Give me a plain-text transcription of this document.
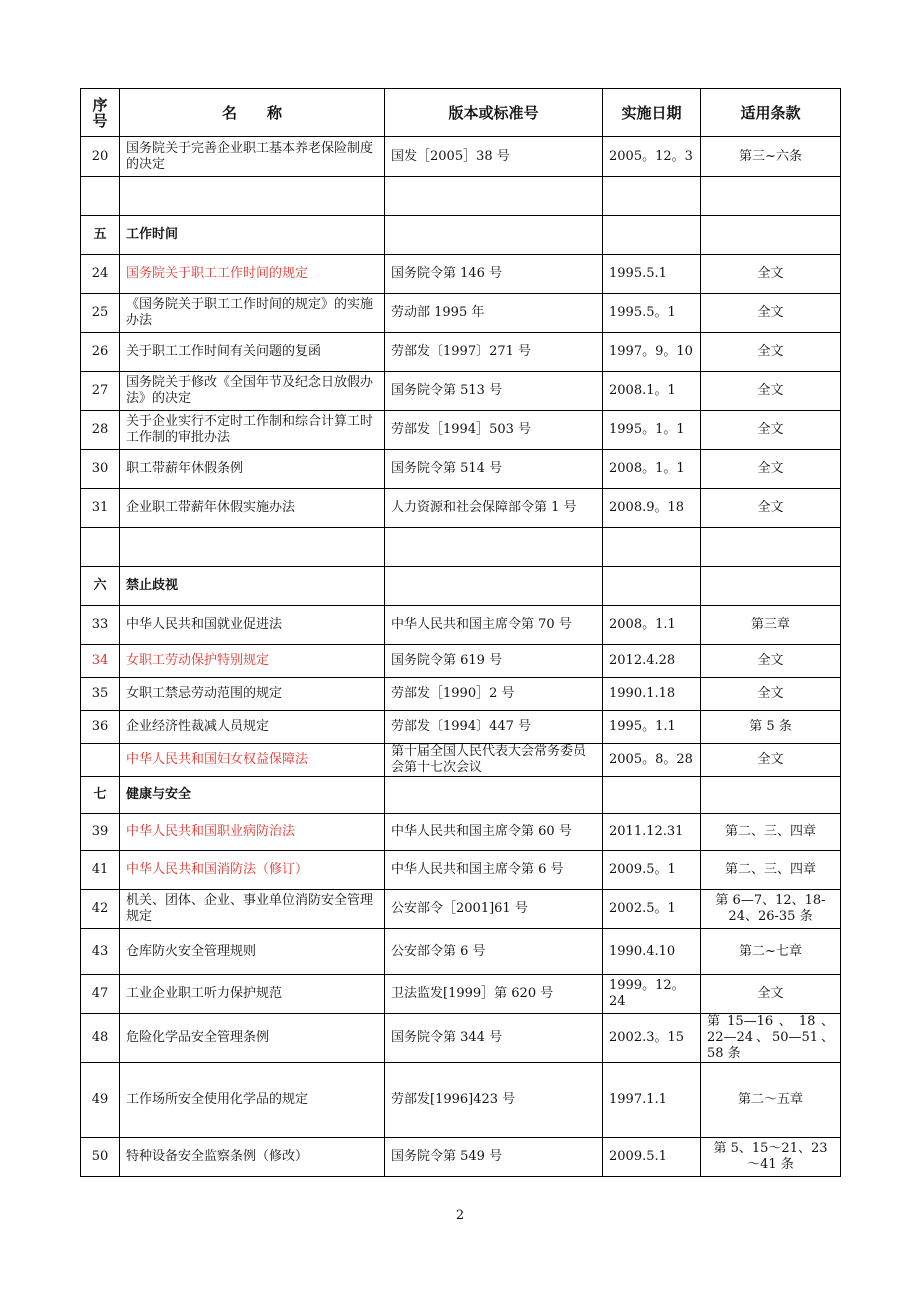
序号	名　　称	版本或标准号	实施日期	适用条款
20	国务院关于完善企业职工基本养老保险制度的决定	国发［2005］38 号	2005。12。3	第三~六条

五	工作时间			
24	国务院关于职工工作时间的规定	国务院令第 146 号	1995.5.1	全文
25	《国务院关于职工工作时间的规定》的实施办法	劳动部 1995 年	1995.5。1	全文
26	关于职工工作时间有关问题的复函	劳部发〔1997〕271 号	1997。9。10	全文
27	国务院关于修改《全国年节及纪念日放假办法》的决定	国务院令第 513 号	2008.1。1	全文
28	关于企业实行不定时工作制和综合计算工时工作制的审批办法	劳部发［1994］503 号	1995。1。1	全文
30	职工带薪年休假条例	国务院令第 514 号	2008。1。1	全文
31	企业职工带薪年休假实施办法	人力资源和社会保障部令第 1 号	2008.9。18	全文

六	禁止歧视			
33	中华人民共和国就业促进法	中华人民共和国主席令第 70 号	2008。1.1	第三章
34	女职工劳动保护特别规定	国务院令第 619 号	2012.4.28	全文
35	女职工禁忌劳动范围的规定	劳部发［1990］2 号	1990.1.18	全文
36	企业经济性裁减人员规定	劳部发〔1994〕447 号	1995。1.1	第 5 条
	中华人民共和国妇女权益保障法	第十届全国人民代表大会常务委员会第十七次会议	2005。8。28	全文
七	健康与安全			
39	中华人民共和国职业病防治法	中华人民共和国主席令第 60 号	2011.12.31	第二、三、四章
41	中华人民共和国消防法（修订）	中华人民共和国主席令第 6 号	2009.5。1	第二、三、四章
42	机关、团体、企业、事业单位消防安全管理规定	公安部令［2001]61 号	2002.5。1	第 6—7、12、18-24、26-35 条
43	仓库防火安全管理规则	公安部令第 6 号	1990.4.10	第二~七章
47	工业企业职工听力保护规范	卫法监发[1999］第 620 号	1999。12。24	全文
48	危险化学品安全管理条例	国务院令第 344 号	2002.3。15	第 15—16 、 18 、 22—24、50—51、58 条
49	工作场所安全使用化学品的规定	劳部发[1996]423 号	1997.1.1	第二～五章
50	特种设备安全监察条例（修改）	国务院令第 549 号	2009.5.1	第 5、15～21、23～41 条
2
